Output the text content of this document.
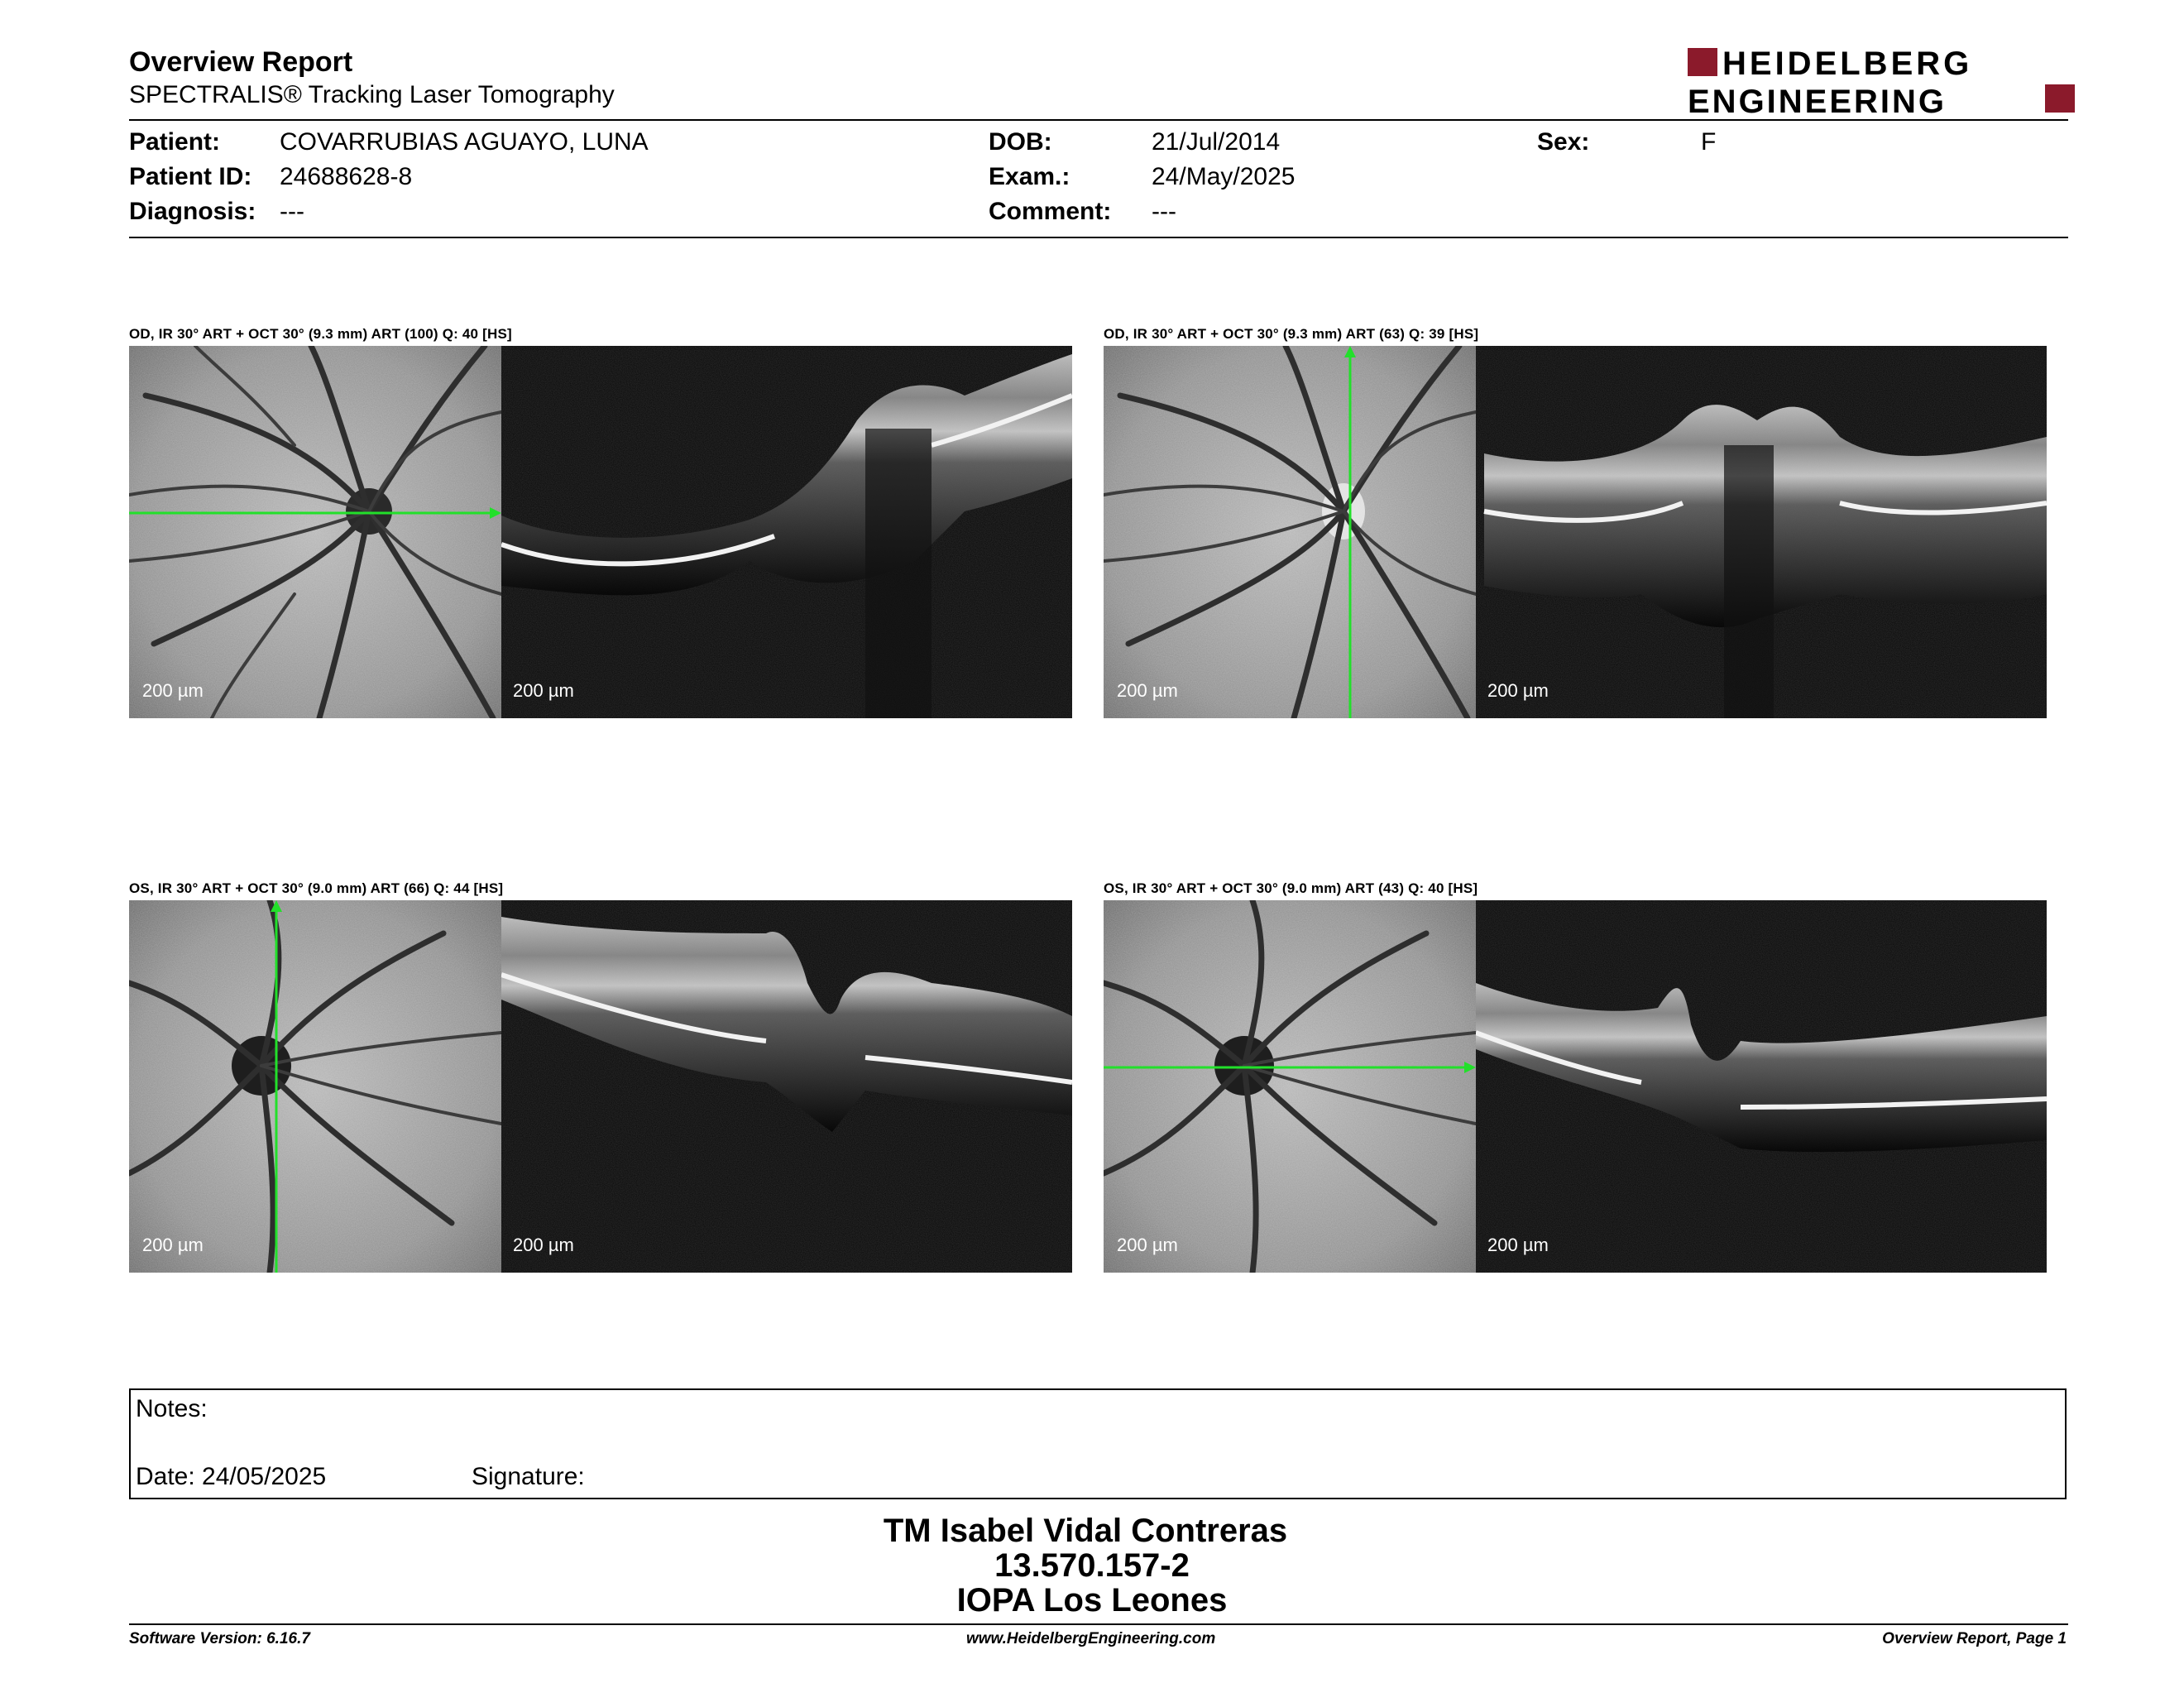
Overview Report
SPECTRALIS® Tracking Laser Tomography
HEIDELBERG
ENGINEERING
Patient: COVARRUBIAS AGUAYO, LUNA
Patient ID: 24688628-8
Diagnosis: ---
DOB:	21/Jul/2014
Exam.:	24/May/2025
Comment: ---
Sex:	F
OD, IR 30° ART + OCT 30° (9.3 mm) ART (100) Q: 40 [HS]
200 µm	200 µm
OD, IR 30° ART + OCT 30° (9.3 mm) ART (63) Q: 39 [HS]
200 µm	200 µm
OS, IR 30° ART + OCT 30° (9.0 mm) ART (66) Q: 44 [HS]
200 µm	200 µm
OS, IR 30° ART + OCT 30° (9.0 mm) ART (43) Q: 40 [HS]
200 µm	200 µm
Notes:
Date: 24/05/2025	Signature:
TM Isabel Vidal Contreras
13.570.157-2
IOPA Los Leones
Software Version: 6.16.7	www.HeidelbergEngineering.com	Overview Report, Page 1
